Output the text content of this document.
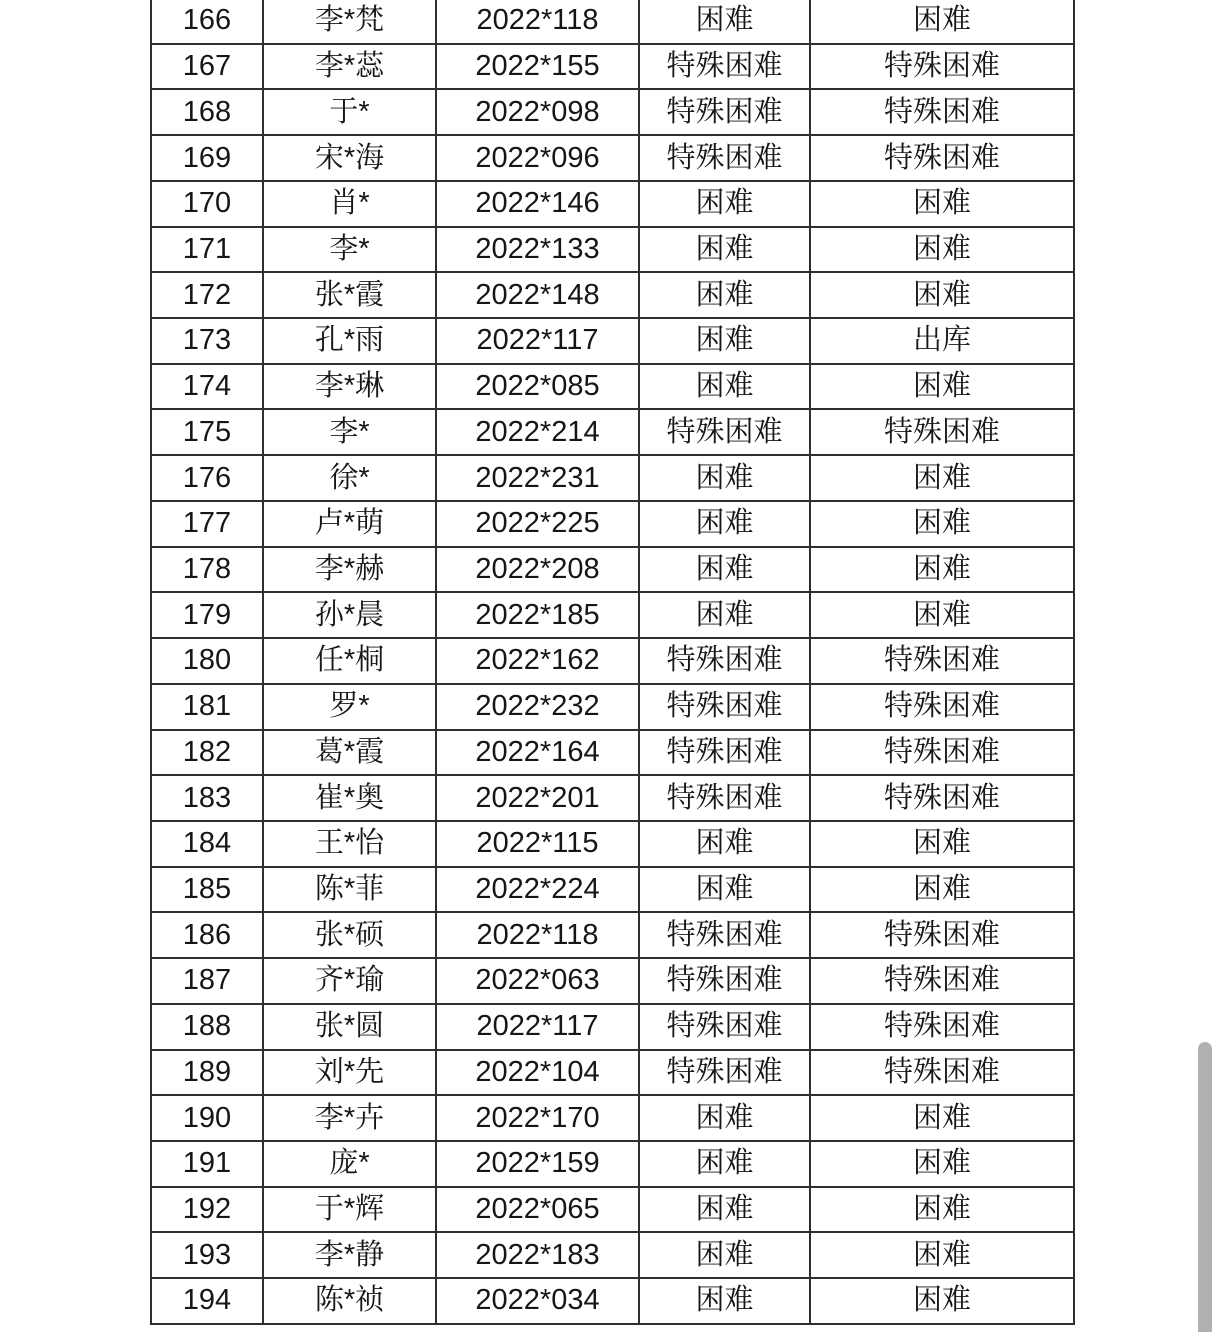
166	李*梵	2022*118	困难	困难
167	李*蕊	2022*155	特殊困难	特殊困难
168	于*	2022*098	特殊困难	特殊困难
169	宋*海	2022*096	特殊困难	特殊困难
170	肖*	2022*146	困难	困难
171	李*	2022*133	困难	困难
172	张*霞	2022*148	困难	困难
173	孔*雨	2022*117	困难	出库
174	李*琳	2022*085	困难	困难
175	李*	2022*214	特殊困难	特殊困难
176	徐*	2022*231	困难	困难
177	卢*萌	2022*225	困难	困难
178	李*赫	2022*208	困难	困难
179	孙*晨	2022*185	困难	困难
180	任*桐	2022*162	特殊困难	特殊困难
181	罗*	2022*232	特殊困难	特殊困难
182	葛*霞	2022*164	特殊困难	特殊困难
183	崔*奥	2022*201	特殊困难	特殊困难
184	王*怡	2022*115	困难	困难
185	陈*菲	2022*224	困难	困难
186	张*硕	2022*118	特殊困难	特殊困难
187	齐*瑜	2022*063	特殊困难	特殊困难
188	张*圆	2022*117	特殊困难	特殊困难
189	刘*先	2022*104	特殊困难	特殊困难
190	李*卉	2022*170	困难	困难
191	庞*	2022*159	困难	困难
192	于*辉	2022*065	困难	困难
193	李*静	2022*183	困难	困难
194	陈*祯	2022*034	困难	困难
